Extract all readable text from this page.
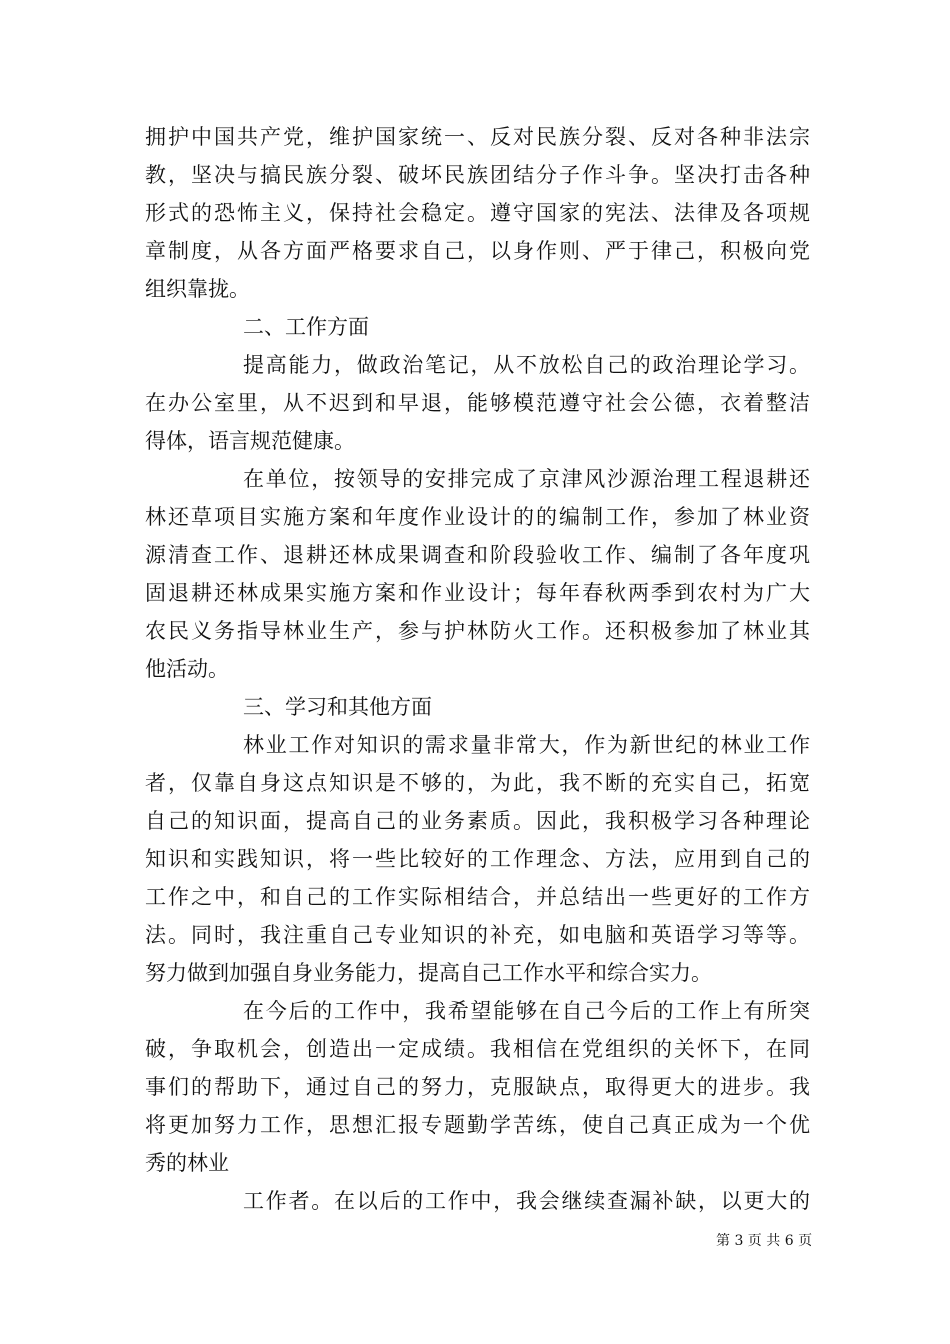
拥护中国共产党，维护国家统一、反对民族分裂、反对各种非法宗
教，坚决与搞民族分裂、破坏民族团结分子作斗争。坚决打击各种
形式的恐怖主义，保持社会稳定。遵守国家的宪法、法律及各项规
章制度，从各方面严格要求自己，以身作则、严于律己，积极向党
组织靠拢。
二、工作方面
提高能力，做政治笔记，从不放松自己的政治理论学习。
在办公室里，从不迟到和早退，能够模范遵守社会公德，衣着整洁
得体，语言规范健康。
在单位，按领导的安排完成了京津风沙源治理工程退耕还
林还草项目实施方案和年度作业设计的的编制工作，参加了林业资
源清查工作、退耕还林成果调查和阶段验收工作、编制了各年度巩
固退耕还林成果实施方案和作业设计；每年春秋两季到农村为广大
农民义务指导林业生产，参与护林防火工作。还积极参加了林业其
他活动。
三、学习和其他方面
林业工作对知识的需求量非常大，作为新世纪的林业工作
者，仅靠自身这点知识是不够的，为此，我不断的充实自己，拓宽
自己的知识面，提高自己的业务素质。因此，我积极学习各种理论
知识和实践知识，将一些比较好的工作理念、方法，应用到自己的
工作之中，和自己的工作实际相结合，并总结出一些更好的工作方
法。同时，我注重自己专业知识的补充，如电脑和英语学习等等。
努力做到加强自身业务能力，提高自己工作水平和综合实力。
在今后的工作中，我希望能够在自己今后的工作上有所突
破，争取机会，创造出一定成绩。我相信在党组织的关怀下，在同
事们的帮助下，通过自己的努力，克服缺点，取得更大的进步。我
将更加努力工作，思想汇报专题勤学苦练，使自己真正成为一个优
秀的林业
工作者。在以后的工作中，我会继续查漏补缺，以更大的
第 3 页 共 6 页
